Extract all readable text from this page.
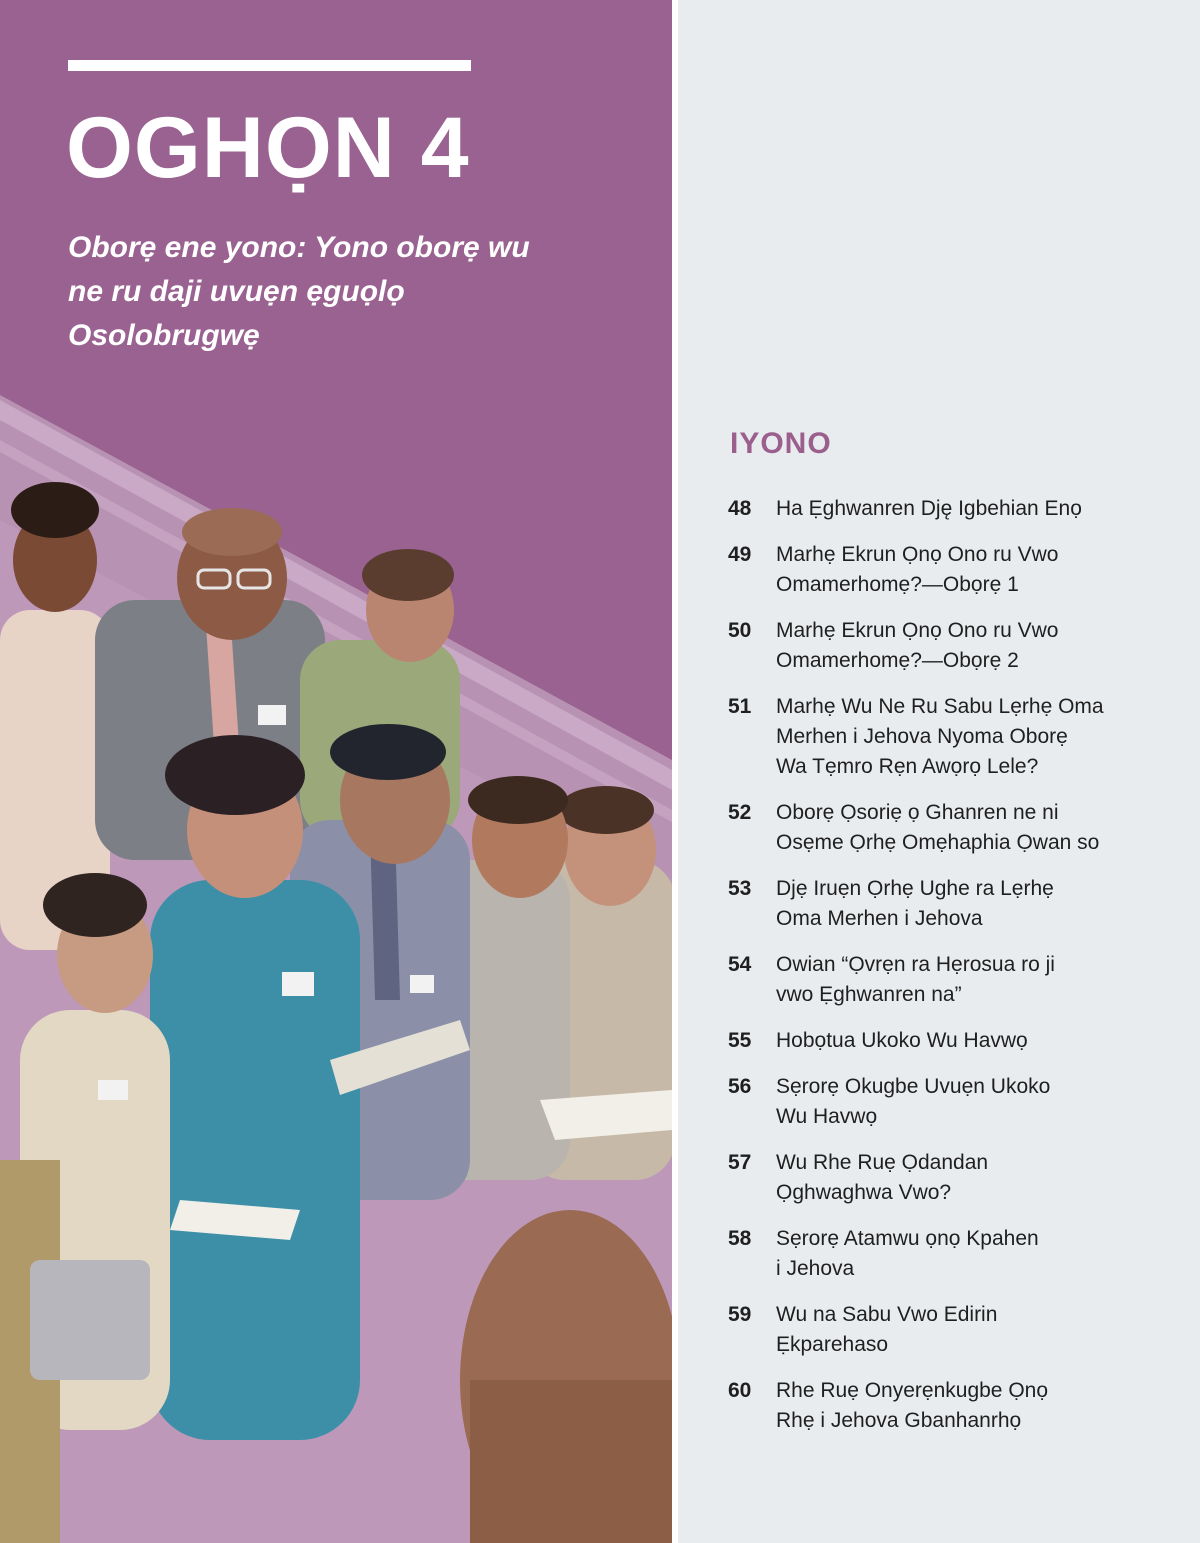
OGHỌN 4

Oborẹ ene yono: Yono oborẹ wu ne ru daji uvuẹn ẹguọlọ Osolobrugwẹ

IYONO
48	Ha Ẹghwanren Dję Igbehian Enọ
49	Marhẹ Ekrun Ọnọ Ono ru Vwo
Omamerhomẹ?—Obọrẹ 1
50	Marhẹ Ekrun Ọnọ Ono ru Vwo
Omamerhomẹ?—Obọrẹ 2
51	Marhẹ Wu Ne Ru Sabu Lẹrhẹ Oma
Merhen i Jehova Nyoma Oborẹ
Wa Tẹmro Rẹn Awọrọ Lele?
52	Oborẹ Ọsoriẹ ọ Ghanren ne ni
Osẹme Ọrhẹ Omẹhaphia Ọwan so
53	Djẹ Iruẹn Ọrhẹ Ughe ra Lẹrhẹ
Oma Merhen i Jehova
54	Owian “Ọvrẹn ra Hẹrosua ro ji
vwo Ẹghwanren na”
55	Hobọtua Ukoko Wu Havwọ
56	Sẹrorẹ Okugbe Uvuẹn Ukoko
Wu Havwọ
57	Wu Rhe Ruẹ Ọdandan
Ọghwaghwa Vwo?
58	Sẹrorẹ Atamwu ọnọ Kpahen
i Jehova
59	Wu na Sabu Vwo Edirin
Ẹkparehaso
60	Rhe Ruẹ Onyerẹnkugbe Ọnọ
Rhẹ i Jehova Gbanhanrhọ
